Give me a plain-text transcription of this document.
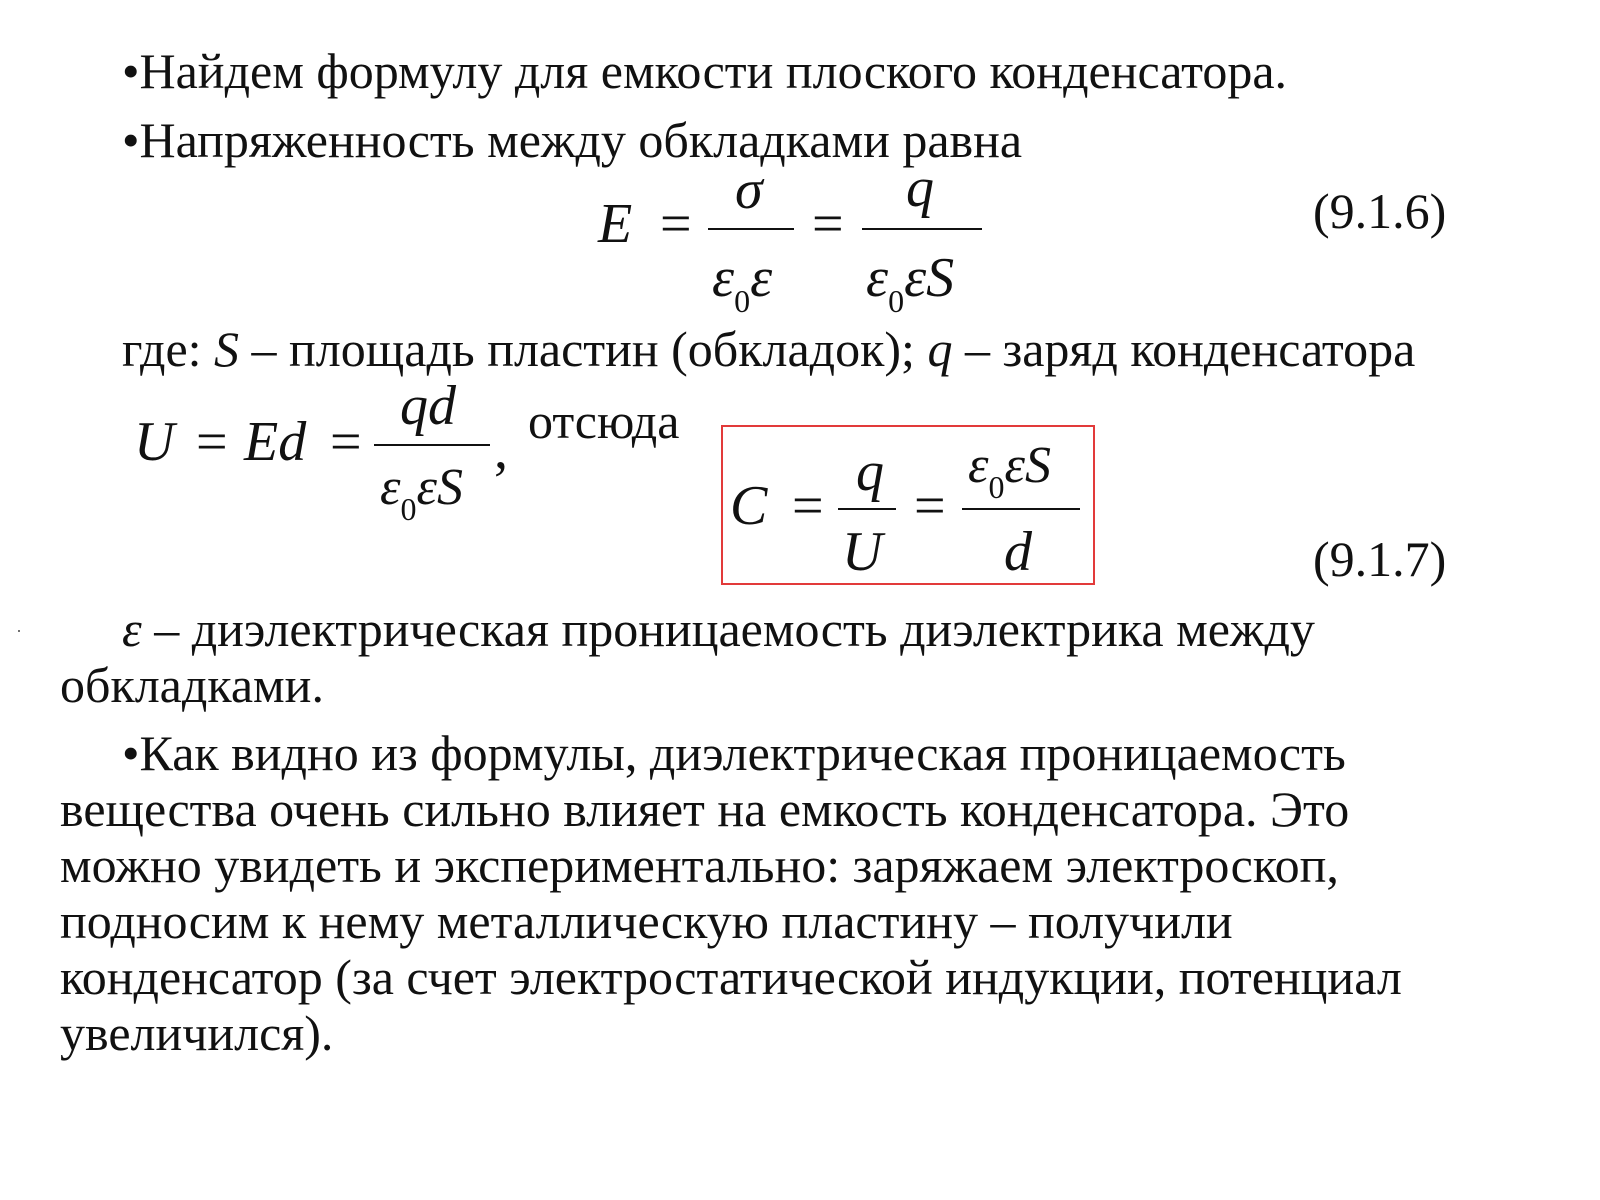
•Найдем формулу для емкости плоского конденсатора.
•Напряженность между обкладками равна
E =
σ
$\varepsilon_0\varepsilon$
=
q
$\varepsilon_0\varepsilon S$
(9.1.6)
где: S – площадь пластин (обкладок); q – заряд конденсатора
U = Ed =
qd
$\varepsilon_0\varepsilon S$
, отсюда
C =
q
U
=
$\varepsilon_0\varepsilon S$
d	(9.1.7)
ε – диэлектрическая проницаемость диэлектрика между
обкладками.
•Как видно из формулы, диэлектрическая проницаемость
вещества очень сильно влияет на емкость конденсатора. Это
можно увидеть и экспериментально: заряжаем электроскоп,
подносим к нему металлическую пластину – получили
конденсатор (за счет электростатической индукции, потенциал
увеличился).
